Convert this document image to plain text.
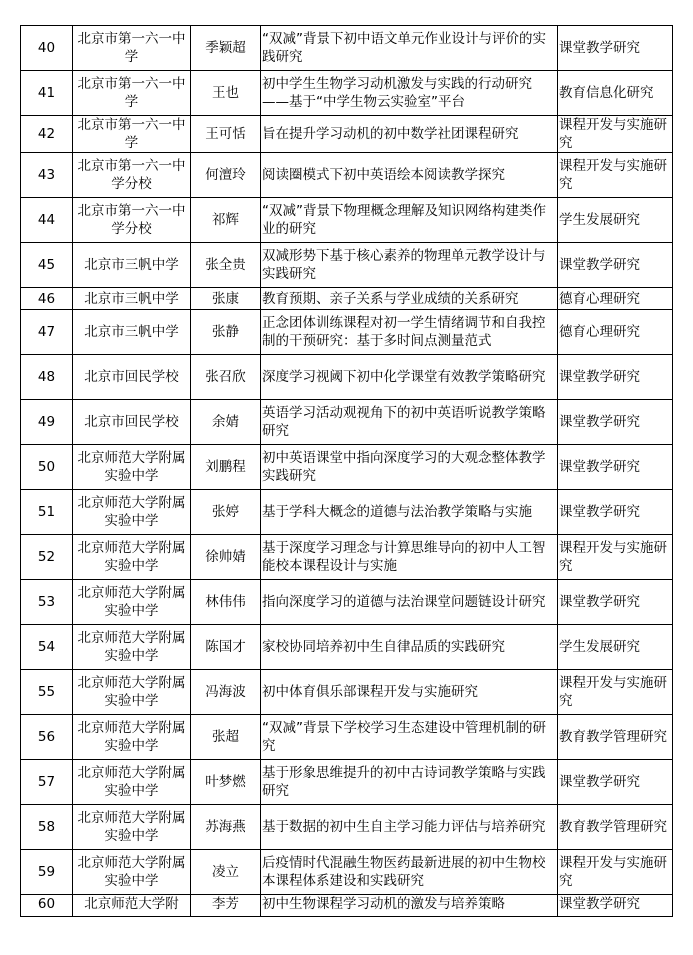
40	北京市第一六一中学	季颖超	“双减”背景下初中语文单元作业设计与评价的实践研究	课堂教学研究
41	北京市第一六一中学	王也	初中学生生物学习动机激发与实践的行动研究——基于“中学生物云实验室”平台	教育信息化研究
42	北京市第一六一中学	王可恬	旨在提升学习动机的初中数学社团课程研究	课程开发与实施研究
43	北京市第一六一中学分校	何澶玲	阅读圈模式下初中英语绘本阅读教学探究	课程开发与实施研究
44	北京市第一六一中学分校	祁辉	“双减”背景下物理概念理解及知识网络构建类作业的研究	学生发展研究
45	北京市三帆中学	张全贵	双减形势下基于核心素养的物理单元教学设计与实践研究	课堂教学研究
46	北京市三帆中学	张康	教育预期、亲子关系与学业成绩的关系研究	德育心理研究
47	北京市三帆中学	张静	正念团体训练课程对初一学生情绪调节和自我控制的干预研究：基于多时间点测量范式	德育心理研究
48	北京市回民学校	张召欣	深度学习视阈下初中化学课堂有效教学策略研究	课堂教学研究
49	北京市回民学校	余婧	英语学习活动观视角下的初中英语听说教学策略研究	课堂教学研究
50	北京师范大学附属实验中学	刘鹏程	初中英语课堂中指向深度学习的大观念整体教学实践研究	课堂教学研究
51	北京师范大学附属实验中学	张婷	基于学科大概念的道德与法治教学策略与实施	课堂教学研究
52	北京师范大学附属实验中学	徐帅婧	基于深度学习理念与计算思维导向的初中人工智能校本课程设计与实施	课程开发与实施研究
53	北京师范大学附属实验中学	林伟伟	指向深度学习的道德与法治课堂问题链设计研究	课堂教学研究
54	北京师范大学附属实验中学	陈国才	家校协同培养初中生自律品质的实践研究	学生发展研究
55	北京师范大学附属实验中学	冯海波	初中体育俱乐部课程开发与实施研究	课程开发与实施研究
56	北京师范大学附属实验中学	张超	“双减”背景下学校学习生态建设中管理机制的研究	教育教学管理研究
57	北京师范大学附属实验中学	叶梦燃	基于形象思维提升的初中古诗词教学策略与实践研究	课堂教学研究
58	北京师范大学附属实验中学	苏海燕	基于数据的初中生自主学习能力评估与培养研究	教育教学管理研究
59	北京师范大学附属实验中学	凌立	后疫情时代混融生物医药最新进展的初中生物校本课程体系建设和实践研究	课程开发与实施研究
60	北京师范大学附	李芳	初中生物课程学习动机的激发与培养策略	课堂教学研究
